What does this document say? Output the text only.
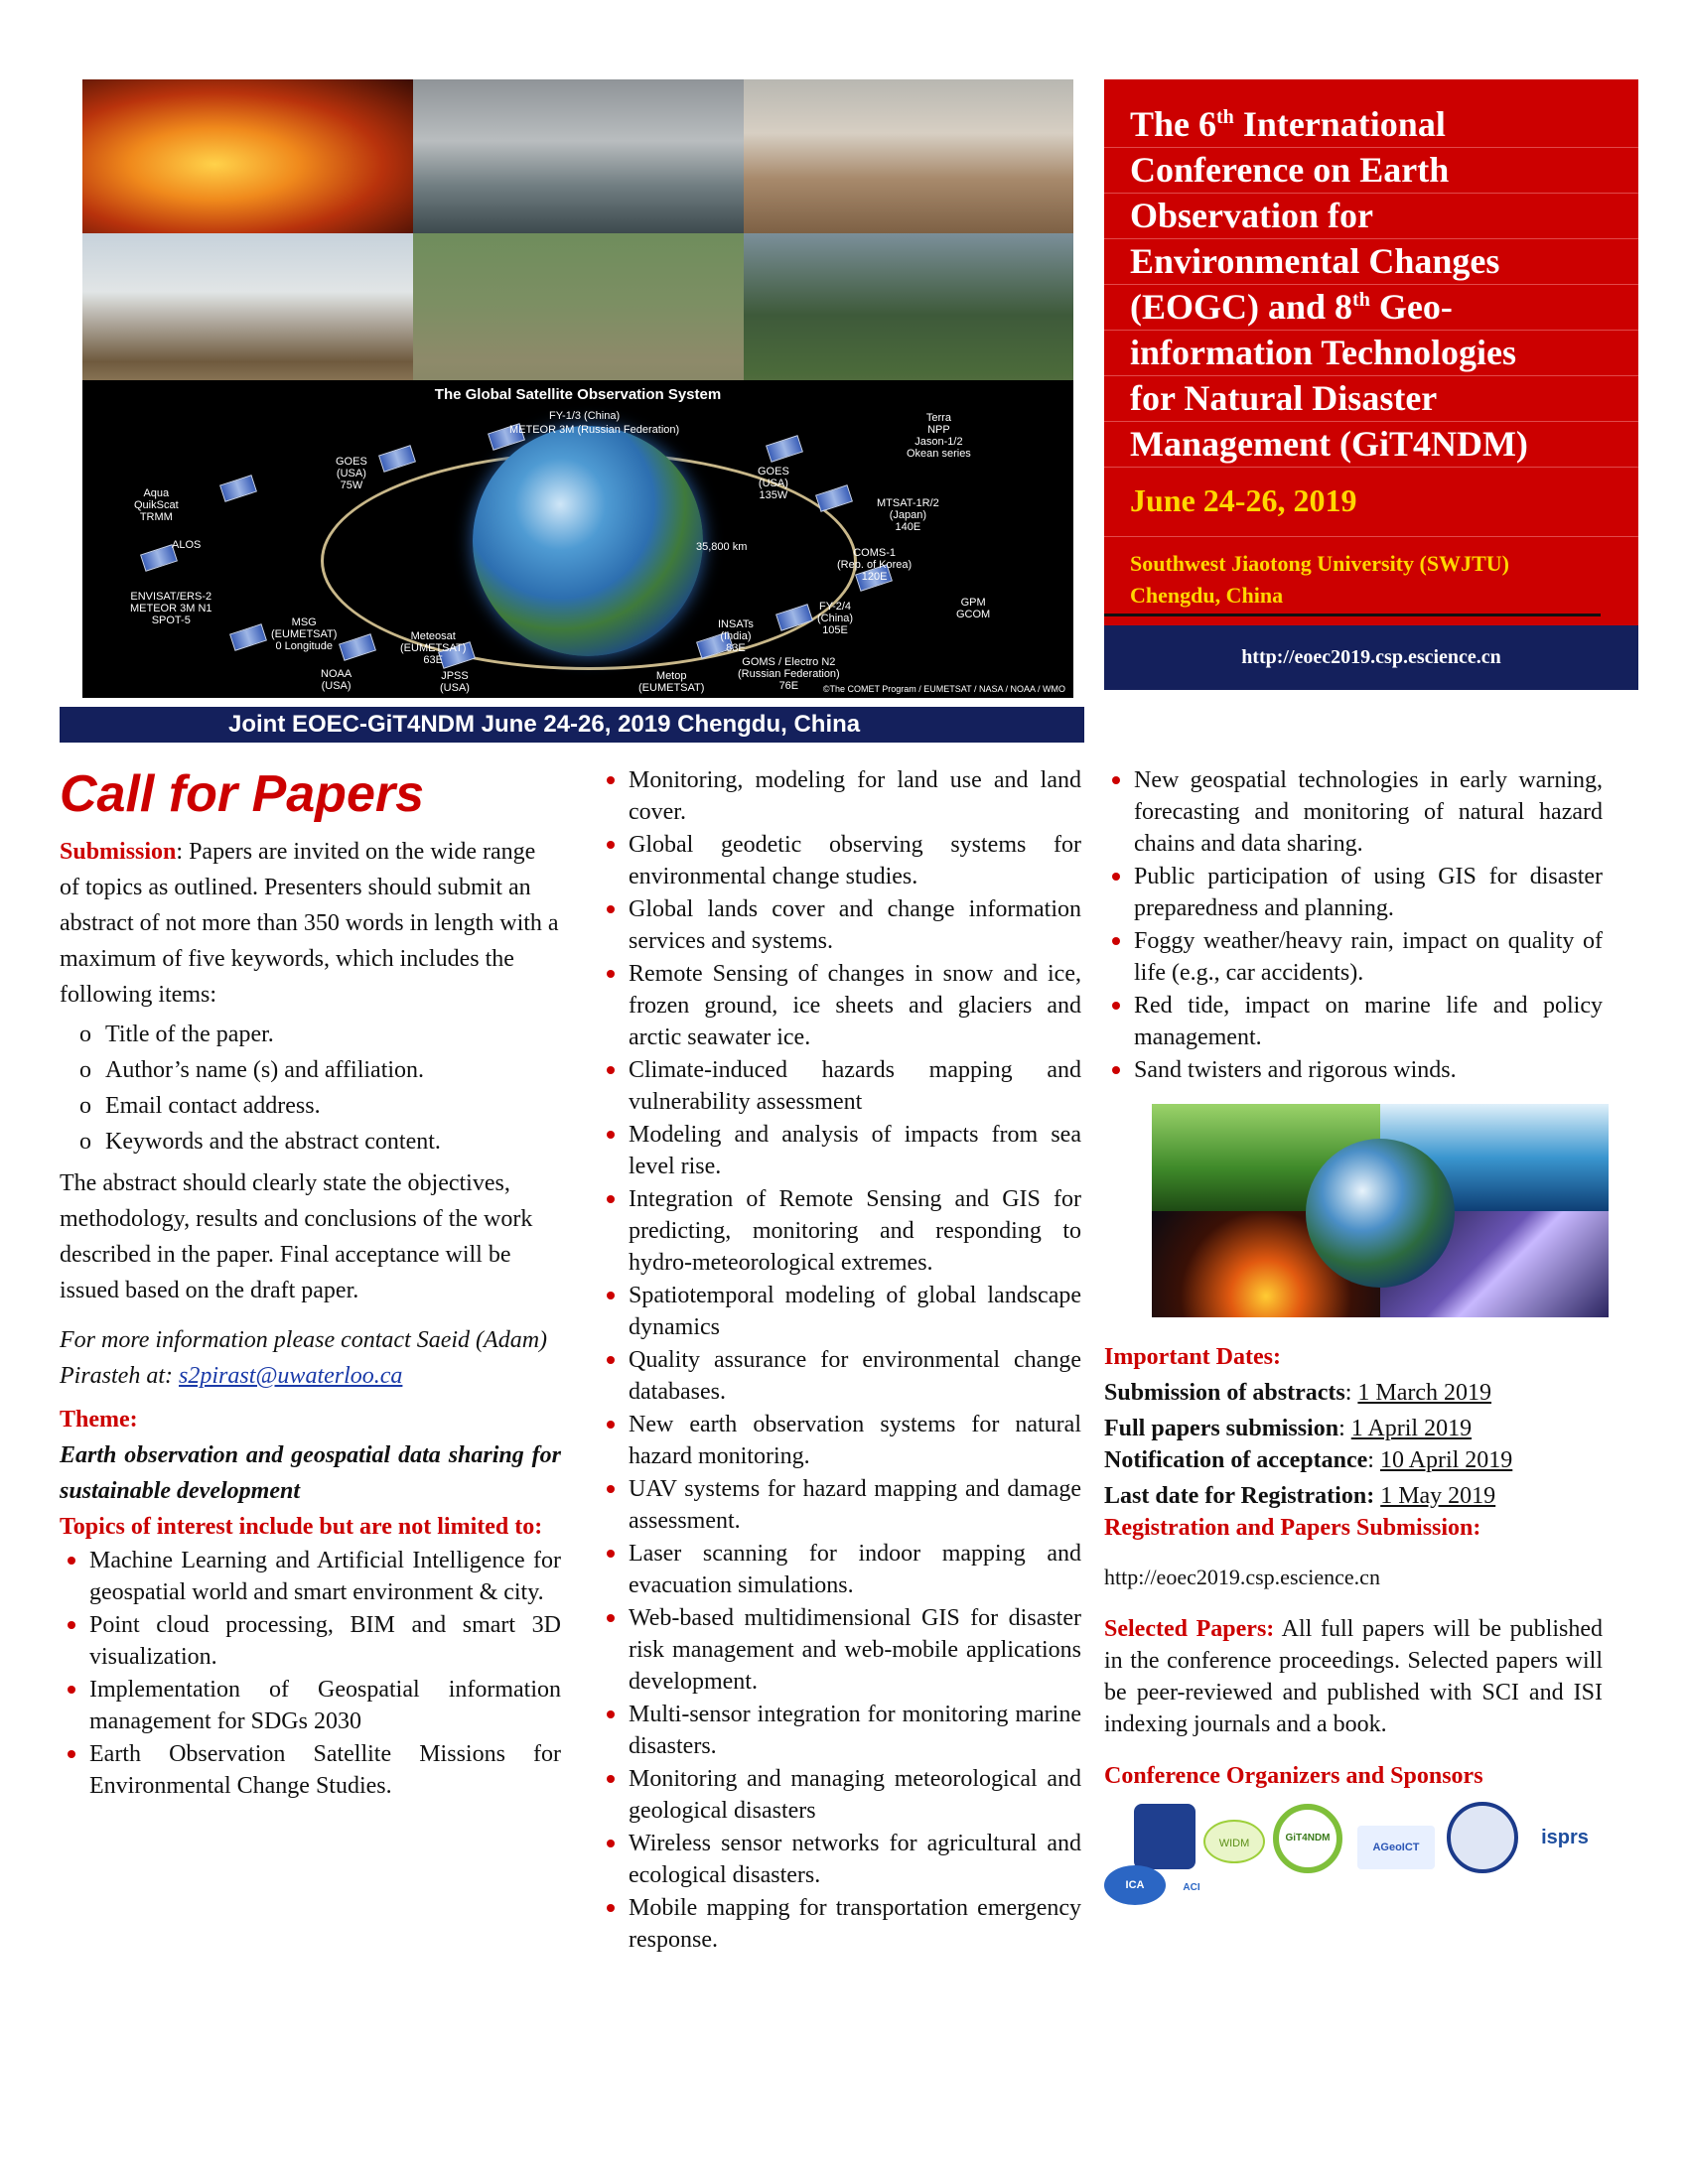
The Global Satellite Observation System
FY-1/3 (China)
METEOR 3M (Russian Federation)
Terra
NPP
Jason-1/2
Okean series
GOES
(USA)
75W
GOES
(USA)
135W
Aqua
QuikScat
TRMM
MTSAT-1R/2
(Japan)
140E
ALOS	35,800 km	COMS-1
(Rep. of Korea)
120E
ENVISAT/ERS-2
METEOR 3M N1
SPOT-5
GPM
GCOM
FY-2/4
(China)
105E
MSG
(EUMETSAT)
0 Longitude
Meteosat
(EUMETSAT)
63E
INSATs
(India)
83E
GOMS / Electro N2
(Russian Federation)
76E
NOAA
(USA)
JPSS
(USA)
Metop
(EUMETSAT)	©The COMET Program / EUMETSAT / NASA / NOAA / WMO
The 6th International
Conference on Earth
Observation for
Environmental Changes
(EOGC) and 8th Geo-
information Technologies
for Natural Disaster
Management (GiT4NDM)
June 24-26, 2019
Southwest Jiaotong University (SWJTU)
Chengdu, China
http://eoec2019.csp.escience.cn
Joint EOEC-GiT4NDM June 24-26, 2019 Chengdu, China
Call for Papers

Submission: Papers are invited on the wide range of topics as outlined. Presenters should submit an abstract of not more than 350 words in length with a maximum of five keywords, which includes the following items:

o Title of the paper.
o Author’s name (s) and affiliation.
o Email contact address.
o Keywords and the abstract content.

The abstract should clearly state the objectives, methodology, results and conclusions of the work described in the paper. Final acceptance will be issued based on the draft paper.

For more information please contact Saeid (Adam) Pirasteh at: s2pirast@uwaterloo.ca

Theme:

Earth observation and geospatial data sharing for sustainable development

Topics of interest include but are not limited to:

Machine Learning and Artificial Intelligence for geospatial world and smart environment & city.
Point cloud processing, BIM and smart 3D visualization.
Implementation of Geospatial information management for SDGs 2030
Earth Observation Satellite Missions for Environmental Change Studies.
Monitoring, modeling for land use and land cover.
Global geodetic observing systems for environmental change studies.
Global lands cover and change information services and systems.
Remote Sensing of changes in snow and ice, frozen ground, ice sheets and glaciers and arctic seawater ice.
Climate-induced hazards mapping and vulnerability assessment
Modeling and analysis of impacts from sea level rise.
Integration of Remote Sensing and GIS for predicting, monitoring and responding to hydro-meteorological extremes.
Spatiotemporal modeling of global landscape dynamics
Quality assurance for environmental change databases.
New earth observation systems for natural hazard monitoring.
UAV systems for hazard mapping and damage assessment.
Laser scanning for indoor mapping and evacuation simulations.
Web-based multidimensional GIS for disaster risk management and web-mobile applications development.
Multi-sensor integration for monitoring marine disasters.
Monitoring and managing meteorological and geological disasters
Wireless sensor networks for agricultural and ecological disasters.
Mobile mapping for transportation emergency response.
New geospatial technologies in early warning, forecasting and monitoring of natural hazard chains and data sharing.
Public participation of using GIS for disaster preparedness and planning.
Foggy weather/heavy rain, impact on quality of life (e.g., car accidents).
Red tide, impact on marine life and policy management.
Sand twisters and rigorous winds.

Important Dates:

Submission of abstracts: 1 March 2019

Full papers submission: 1 April 2019

Notification of acceptance: 10 April 2019

Last date for Registration: 1 May 2019

Registration and Papers Submission:

http://eoec2019.csp.escience.cn

Selected Papers: All full papers will be published in the conference proceedings. Selected papers will be peer-reviewed and published with SCI and ISI indexing journals and a book.

Conference Organizers and Sponsors

WIDM	GiT4NDM
AGeoICT	isprs
ICA	ACI
